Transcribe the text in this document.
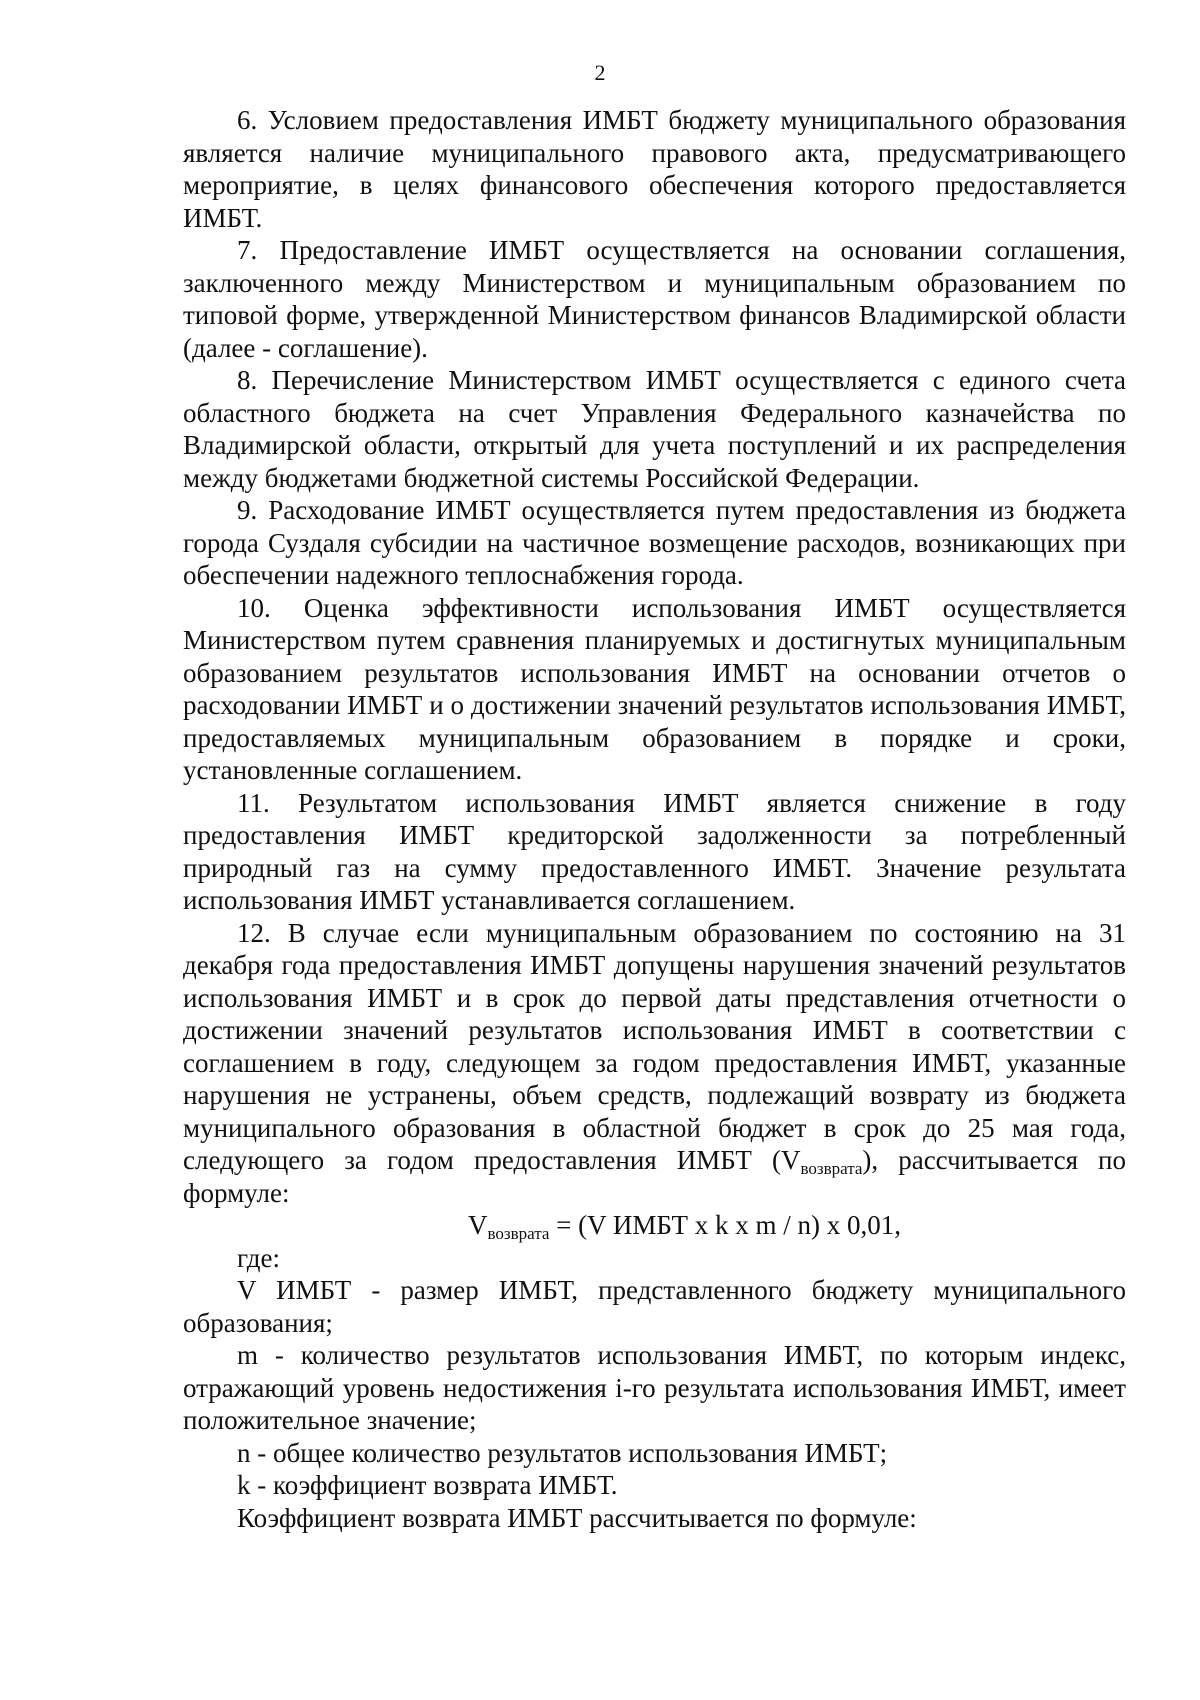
2

6. Условием предоставления ИМБТ бюджету муниципального образования является наличие муниципального правового акта, предусматривающего мероприятие, в целях финансового обеспечения которого предоставляется ИМБТ.

7. Предоставление ИМБТ осуществляется на основании соглашения, заключенного между Министерством и муниципальным образованием по типовой форме, утвержденной Министерством финансов Владимирской области (далее - соглашение).

8. Перечисление Министерством ИМБТ осуществляется с единого счета областного бюджета на счет Управления Федерального казначейства по Владимирской области, открытый для учета поступлений и их распределения между бюджетами бюджетной системы Российской Федерации.

9. Расходование ИМБТ осуществляется путем предоставления из бюджета города Суздаля субсидии на частичное возмещение расходов, возникающих при обеспечении надежного теплоснабжения города.

10. Оценка эффективности использования ИМБТ осуществляется Министерством путем сравнения планируемых и достигнутых муниципальным образованием результатов использования ИМБТ на основании отчетов о расходовании ИМБТ и о достижении значений результатов использования ИМБТ, предоставляемых муниципальным образованием в порядке и сроки, установленные соглашением.

11. Результатом использования ИМБТ является снижение в году предоставления ИМБТ кредиторской задолженности за потребленный природный газ на сумму предоставленного ИМБТ. Значение результата использования ИМБТ устанавливается соглашением.

12. В случае если муниципальным образованием по состоянию на 31 декабря года предоставления ИМБТ допущены нарушения значений результатов использования ИМБТ и в срок до первой даты представления отчетности о достижении значений результатов использования ИМБТ в соответствии с соглашением в году, следующем за годом предоставления ИМБТ, указанные нарушения не устранены, объем средств, подлежащий возврату из бюджета муниципального образования в областной бюджет в срок до 25 мая года, следующего за годом предоставления ИМБТ $(V_{возврата})$, рассчитывается по формуле:

$V_{возврата} = (V$ ИМБТ x k x m / n) x 0,01,

где:

V ИМБТ - размер ИМБТ, представленного бюджету муниципального образования;

m - количество результатов использования ИМБТ, по которым индекс, отражающий уровень недостижения i-го результата использования ИМБТ, имеет положительное значение;

n - общее количество результатов использования ИМБТ;

k - коэффициент возврата ИМБТ.

Коэффициент возврата ИМБТ рассчитывается по формуле:
